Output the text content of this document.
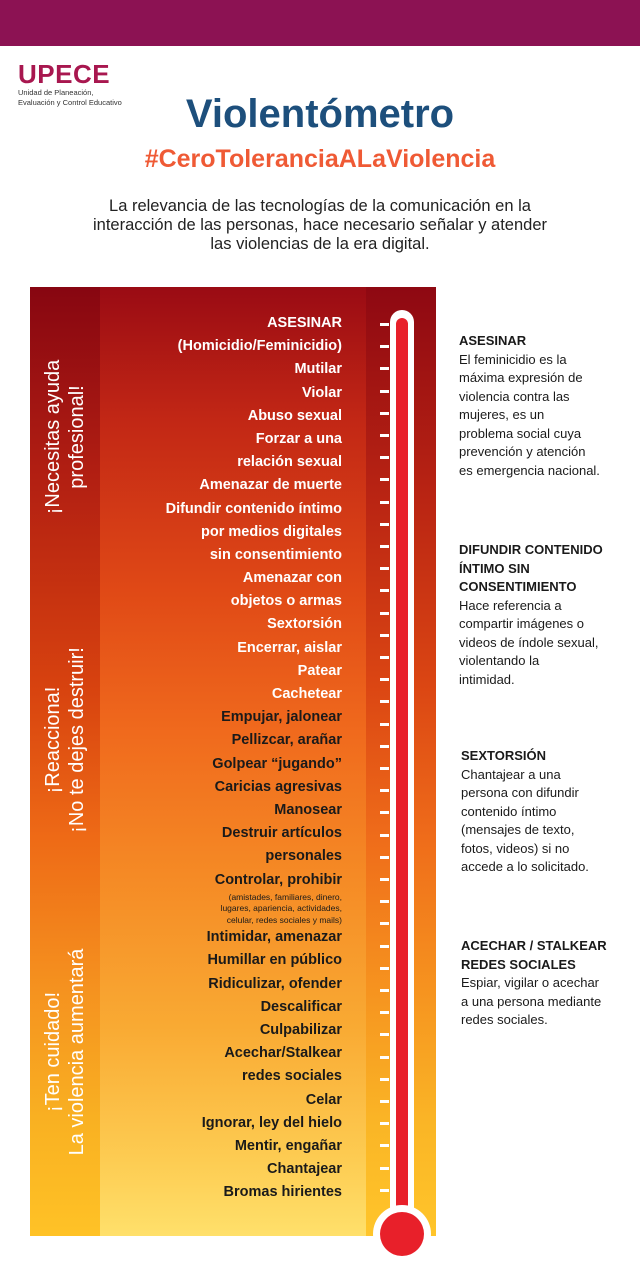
UPECE
Unidad de Planeación,
Evaluación y Control Educativo	Violentómetro
#CeroToleranciaALaViolencia
La relevancia de las tecnologías de la comunicación en la
interacción de las personas, hace necesario señalar y atender
las violencias de la era digital.
¡Necesitas ayuda profesional!
¡Reacciona! ¡No te dejes destruir!
¡Ten cuidado! La violencia aumentará
ASESINAR
(Homicidio/Feminicidio)
Mutilar
Violar
Abuso sexual
Forzar a una
relación sexual
Amenazar de muerte
Difundir contenido íntimo
por medios digitales
sin consentimiento
Amenazar con
objetos o armas
Sextorsión
Encerrar, aislar
Patear
Cachetear
Empujar, jalonear
Pellizcar, arañar
Golpear “jugando”
Caricias agresivas
Manosear
Destruir artículos
personales
Controlar, prohibir
(amistades, familiares, dinero,
lugares, apariencia, actividades,
celular, redes sociales y mails)
Intimidar, amenazar
Humillar en público
Ridiculizar, ofender
Descalificar
Culpabilizar
Acechar/Stalkear
redes sociales
Celar
Ignorar, ley del hielo
Mentir, engañar
Chantajear
Bromas hirientes
ASESINAR
El feminicidio es la
máxima expresión de
violencia contra las
mujeres, es un
problema social cuya
prevención y atención
es emergencia nacional.
DIFUNDIR CONTENIDO
ÍNTIMO SIN
CONSENTIMIENTO
Hace referencia a
compartir imágenes o
videos de índole sexual,
violentando la
intimidad.
SEXTORSIÓN
Chantajear a una
persona con difundir
contenido íntimo
(mensajes de texto,
fotos, videos) si no
accede a lo solicitado.
ACECHAR / STALKEAR
REDES SOCIALES
Espiar, vigilar o acechar
a una persona mediante
redes sociales.
